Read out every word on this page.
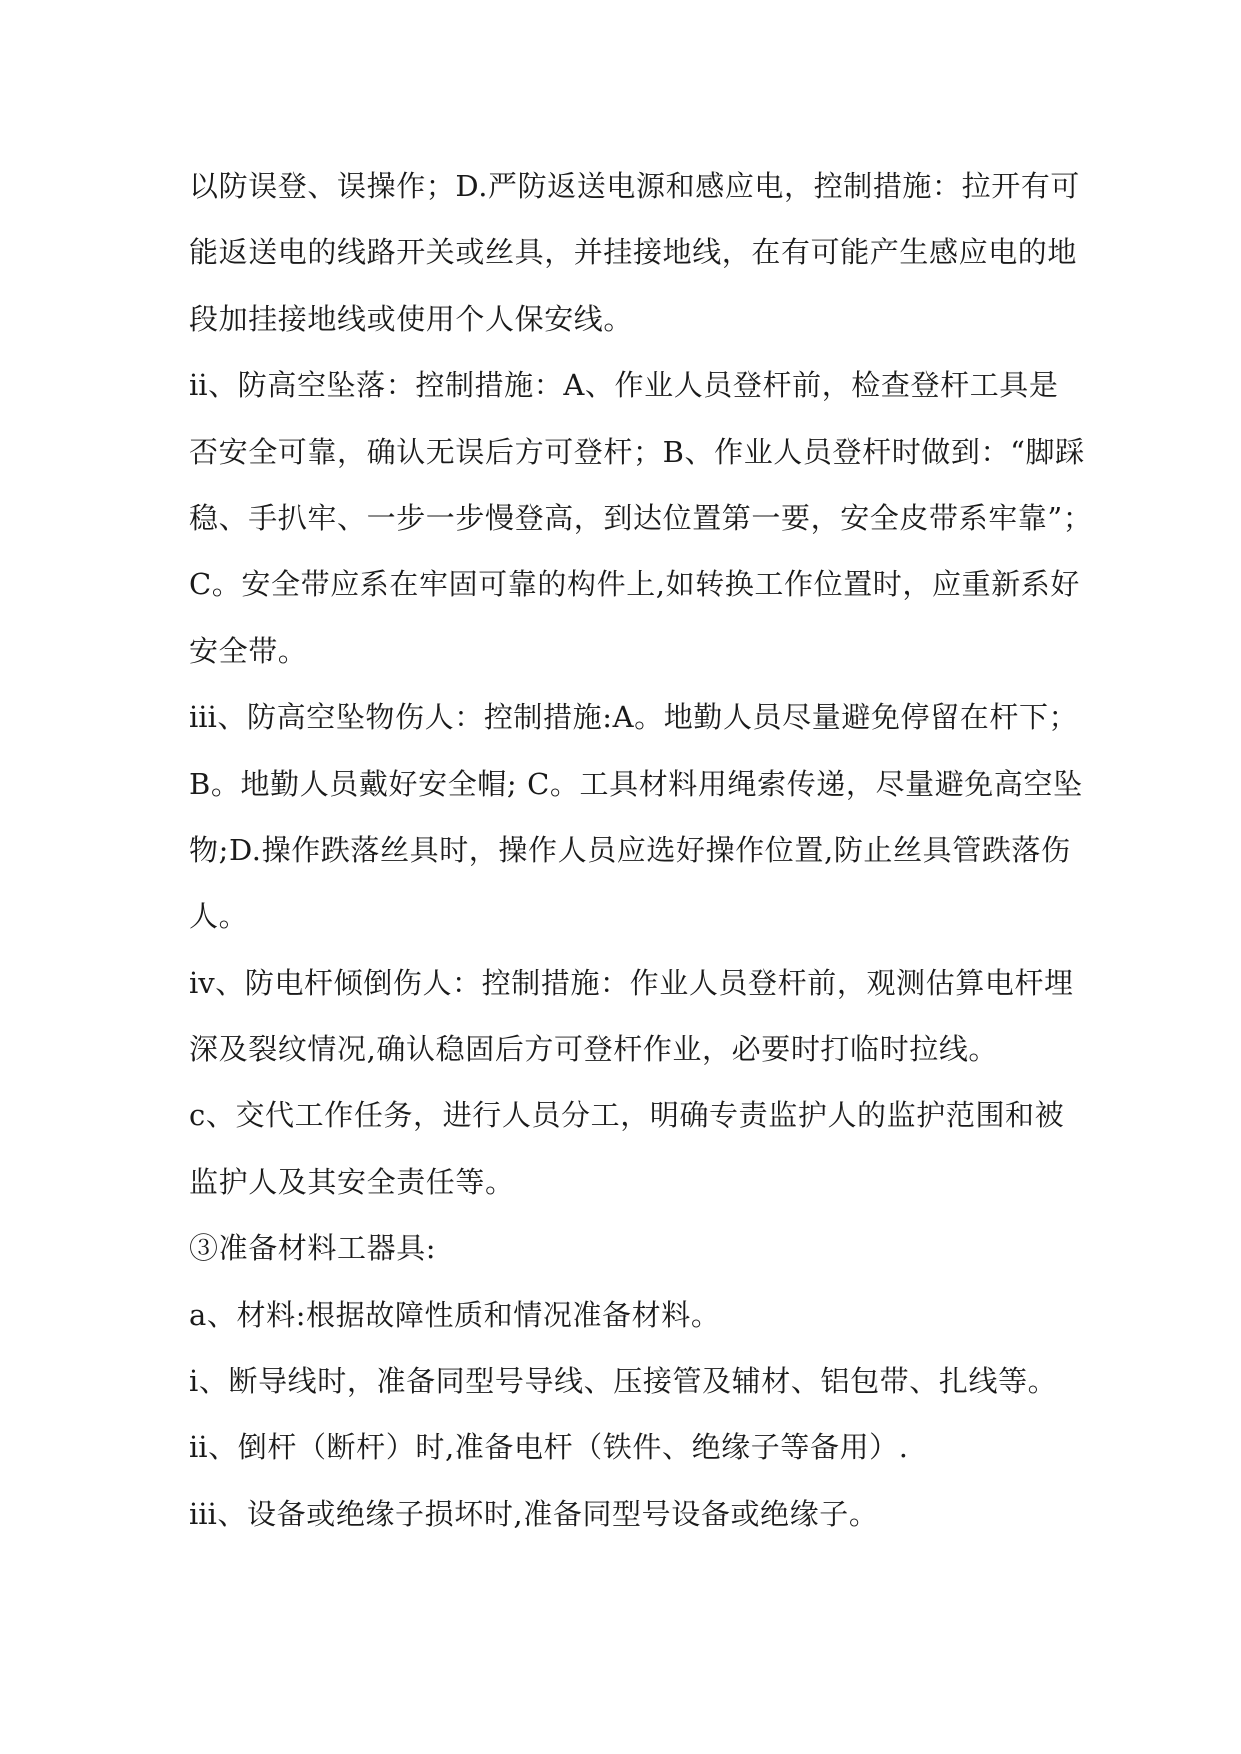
以防误登、误操作；D.严防返送电源和感应电，控制措施：拉开有可
能返送电的线路开关或丝具，并挂接地线，在有可能产生感应电的地
段加挂接地线或使用个人保安线。
ⅱ、防高空坠落：控制措施：A、作业人员登杆前，检查登杆工具是
否安全可靠，确认无误后方可登杆；B、作业人员登杆时做到：“脚踩
稳、手扒牢、一步一步慢登高，到达位置第一要，安全皮带系牢靠”；
C。安全带应系在牢固可靠的构件上,如转换工作位置时，应重新系好
安全带。
ⅲ、防高空坠物伤人：控制措施:A。地勤人员尽量避免停留在杆下；
B。地勤人员戴好安全帽; C。工具材料用绳索传递，尽量避免高空坠
物;D.操作跌落丝具时，操作人员应选好操作位置,防止丝具管跌落伤
人。
ⅳ、防电杆倾倒伤人：控制措施：作业人员登杆前，观测估算电杆埋
深及裂纹情况,确认稳固后方可登杆作业，必要时打临时拉线。
c、交代工作任务，进行人员分工，明确专责监护人的监护范围和被
监护人及其安全责任等。
③准备材料工器具:
a、材料:根据故障性质和情况准备材料。
ⅰ、断导线时，准备同型号导线、压接管及辅材、铝包带、扎线等。
ⅱ、倒杆（断杆）时,准备电杆（铁件、绝缘子等备用）.
ⅲ、设备或绝缘子损坏时,准备同型号设备或绝缘子。
